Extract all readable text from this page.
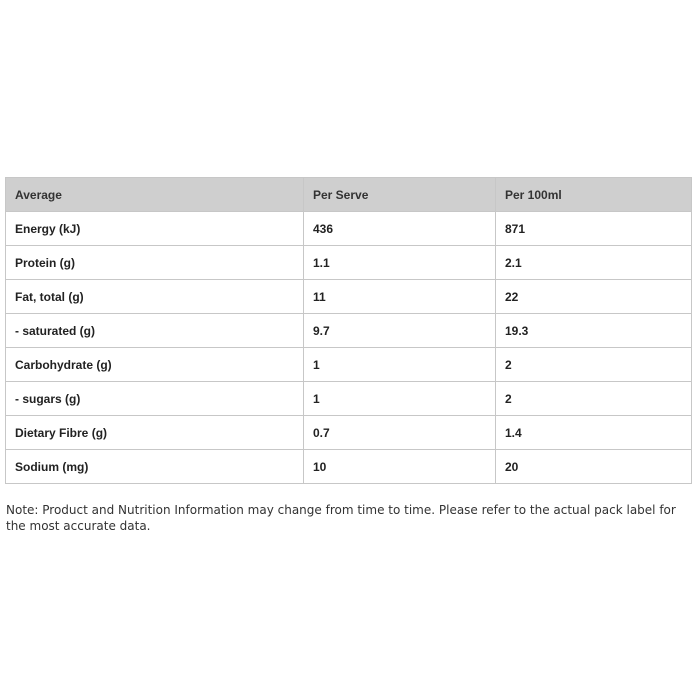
Average	Per Serve	Per 100ml
Energy (kJ)	436	871
Protein (g)	1.1	2.1
Fat, total (g)	11	22
- saturated (g)	9.7	19.3
Carbohydrate (g)	1	2
- sugars (g)	1	2
Dietary Fibre (g)	0.7	1.4
Sodium (mg)	10	20

Note: Product and Nutrition Information may change from time to time. Please refer to the actual pack label for the most accurate data.
